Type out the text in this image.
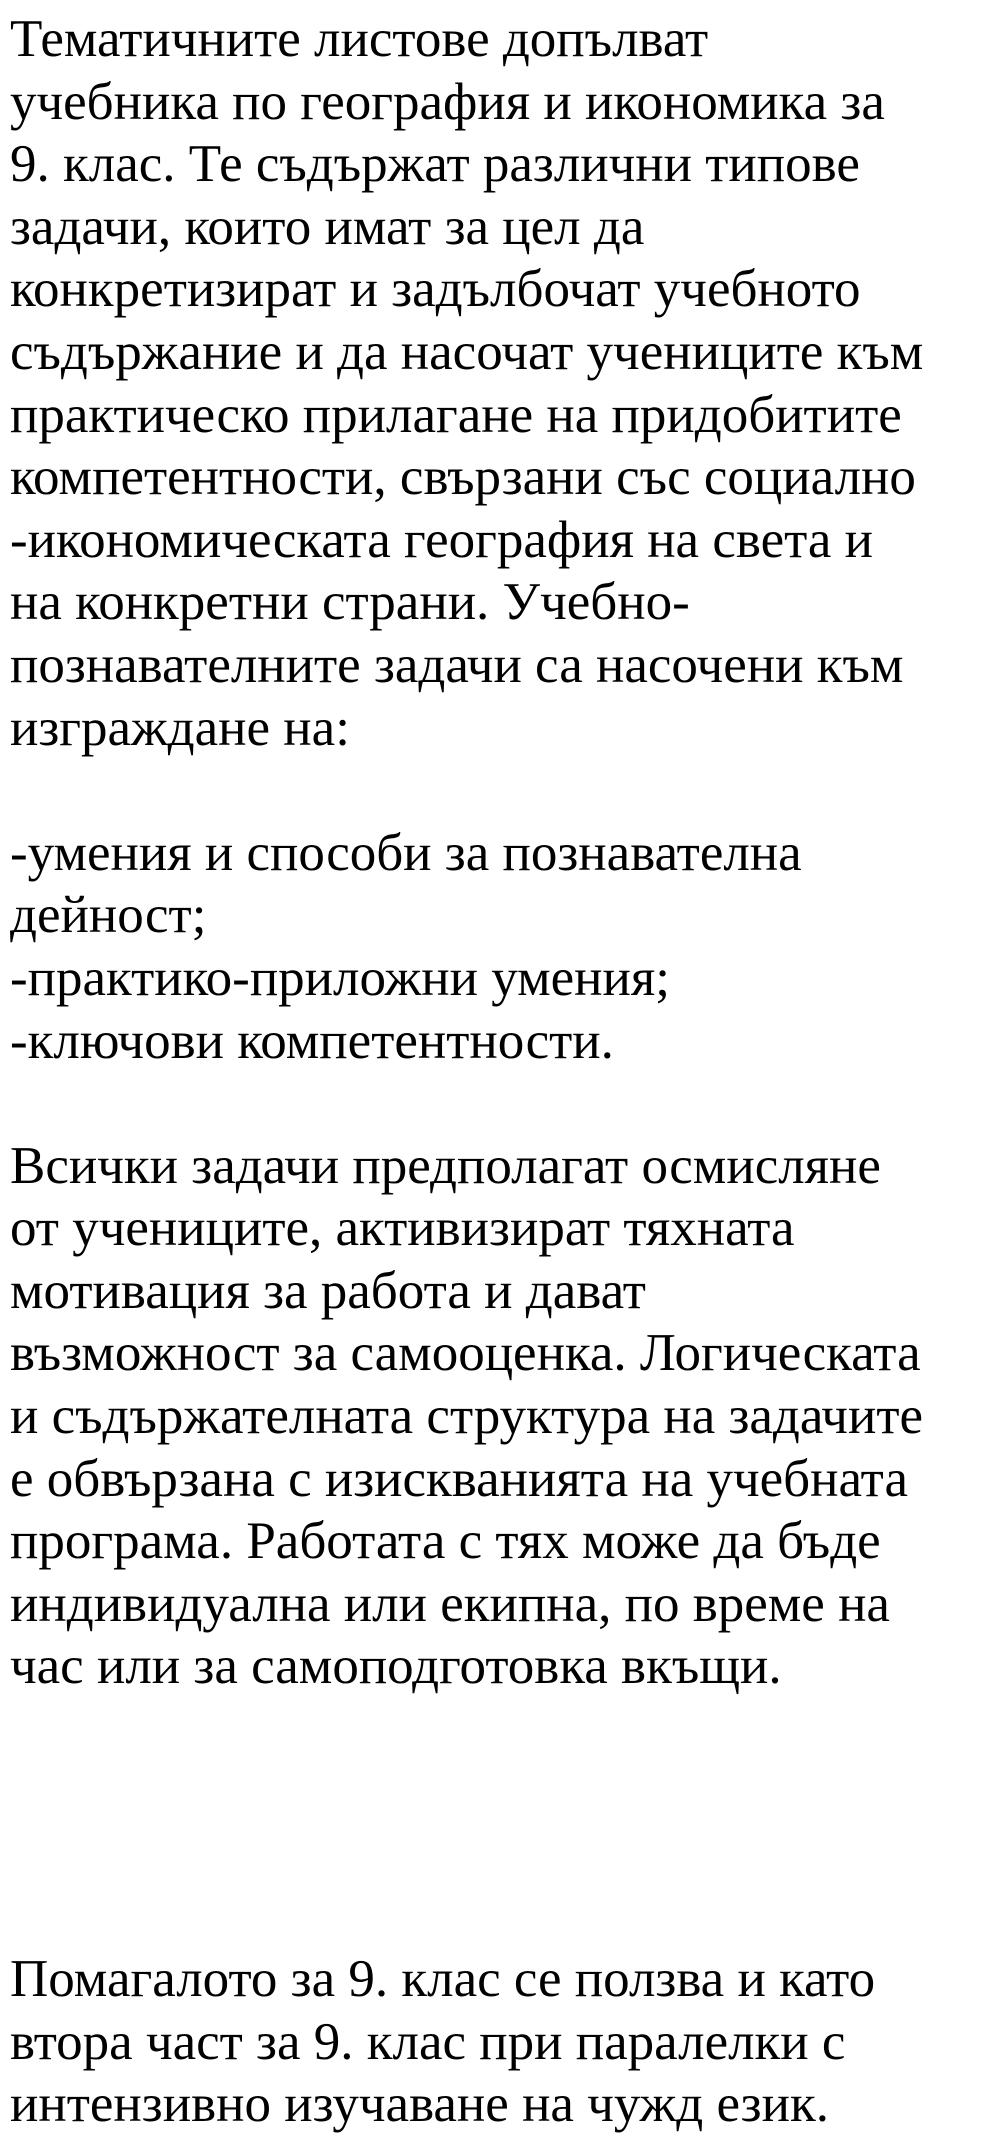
Тематичните листове допълват
учебника по география и икономика за
9. клас. Те съдържат различни типове
задачи, които имат за цел да
конкретизират и задълбочат учебното
съдържание и да насочат учениците към
практическо прилагане на придобитите
компетентности, свързани със социално
-икономическата география на света и
на конкретни страни. Учебно-
познавателните задачи са насочени към
изграждане на:
-умения и способи за познавателна
дейност;
-практико-приложни умения;
-ключови компетентности.
Всички задачи предполагат осмисляне
от учениците, активизират тяхната
мотивация за работа и дават
възможност за самооценка. Логическата
и съдържателната структура на задачите
е обвързана с изискванията на учебната
програма. Работата с тях може да бъде
индивидуална или екипна, по време на
час или за самоподготовка вкъщи.
Помагалото за 9. клас се ползва и като
втора част за 9. клас при паралелки с
интензивно изучаване на чужд език.
